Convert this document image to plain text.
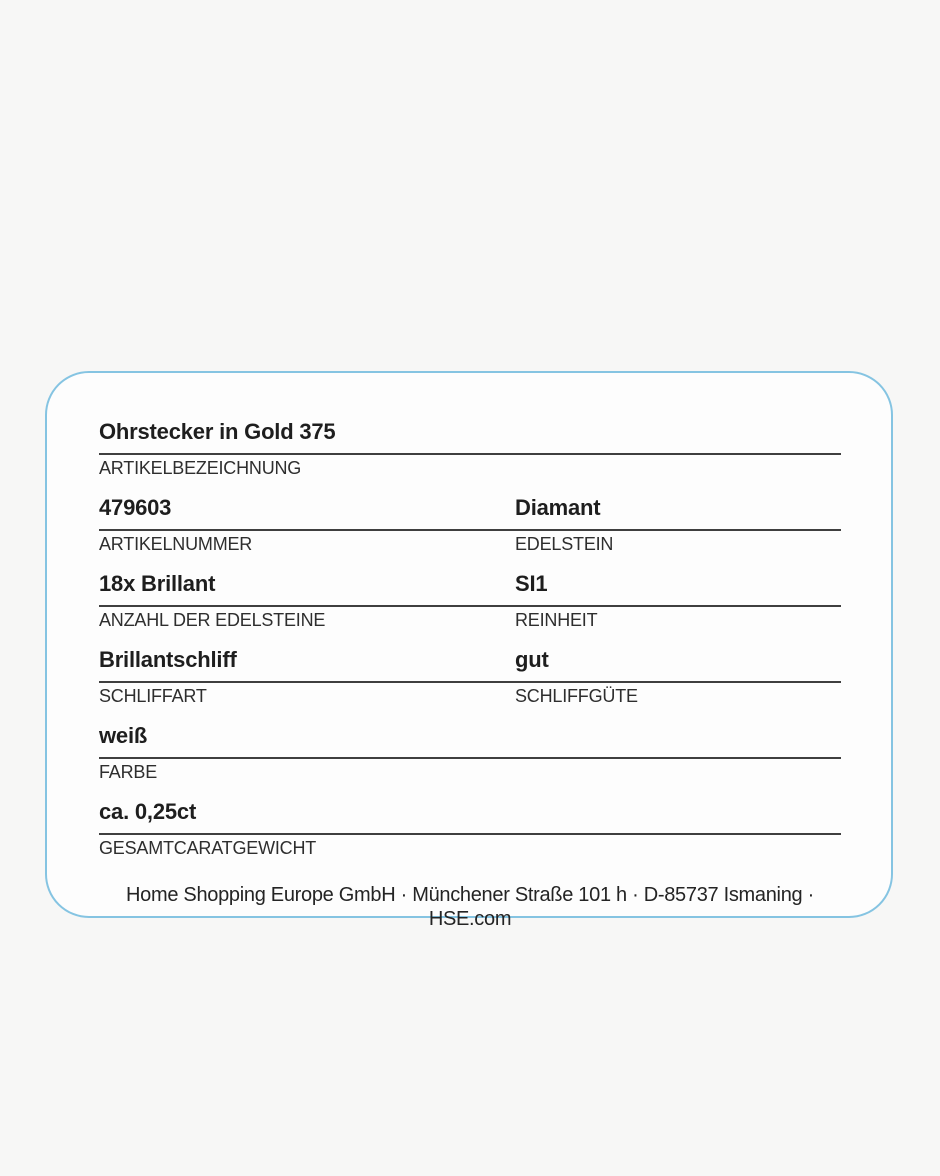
Ohrstecker in Gold 375
ARTIKELBEZEICHNUNG
479603	Diamant
ARTIKELNUMMER	EDELSTEIN
18x Brillant	SI1
ANZAHL DER EDELSTEINE	REINHEIT
Brillantschliff	gut
SCHLIFFART	SCHLIFFGÜTE
weiß
FARBE
ca. 0,25ct
GESAMTCARATGEWICHT
Home Shopping Europe GmbH · Münchener Straße 101 h · D-85737 Ismaning · HSE.com
